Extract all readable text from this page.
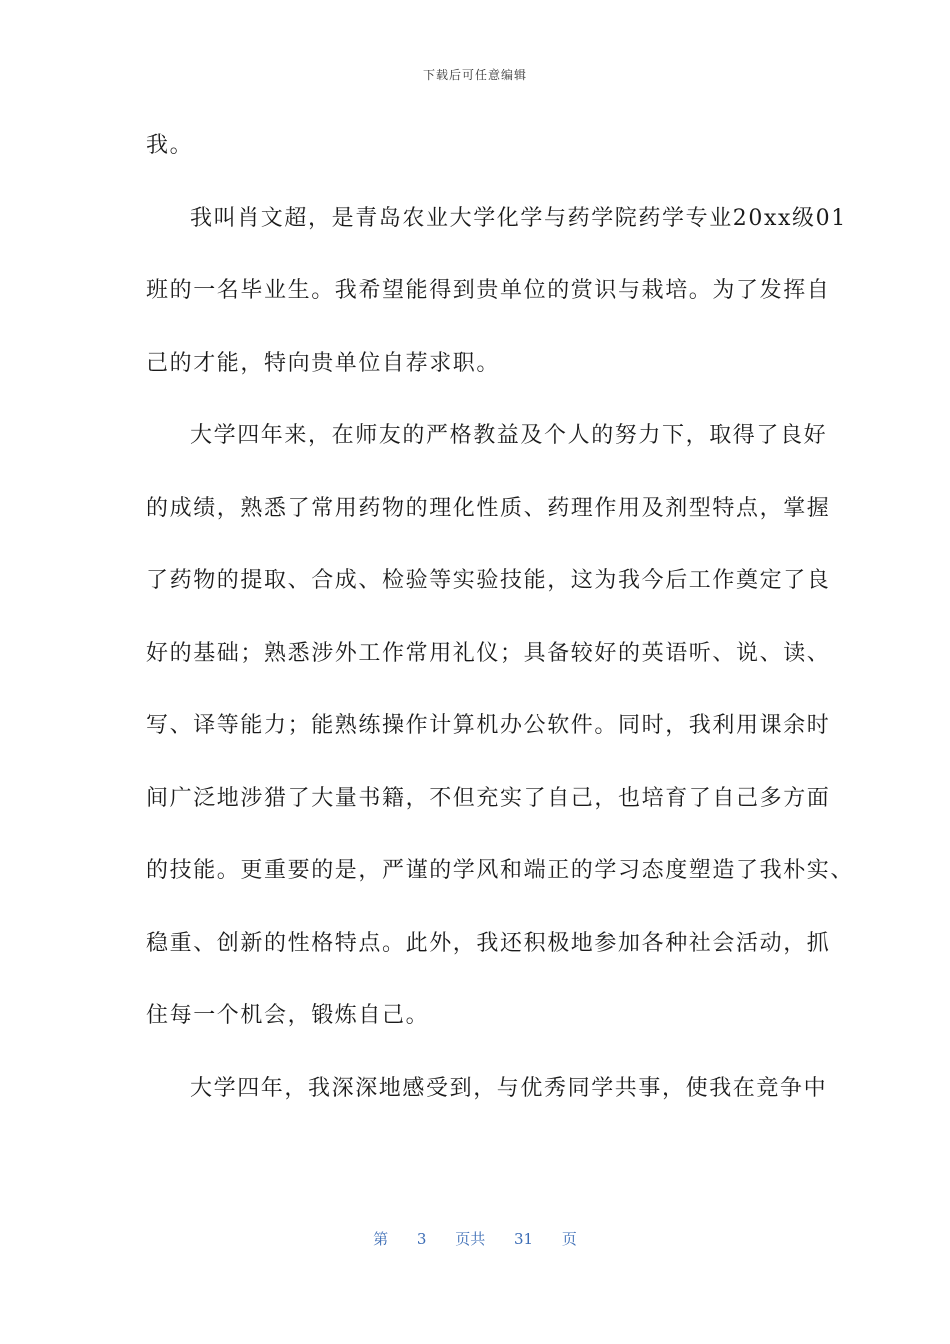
下载后可任意编辑
我。
我叫肖文超，是青岛农业大学化学与药学院药学专业20xx级01
班的一名毕业生。我希望能得到贵单位的赏识与栽培。为了发挥自
己的才能，特向贵单位自荐求职。
大学四年来，在师友的严格教益及个人的努力下，取得了良好
的成绩，熟悉了常用药物的理化性质、药理作用及剂型特点，掌握
了药物的提取、合成、检验等实验技能，这为我今后工作奠定了良
好的基础；熟悉涉外工作常用礼仪；具备较好的英语听、说、读、
写、译等能力；能熟练操作计算机办公软件。同时，我利用课余时
间广泛地涉猎了大量书籍，不但充实了自己，也培育了自己多方面
的技能。更重要的是，严谨的学风和端正的学习态度塑造了我朴实、
稳重、创新的性格特点。此外，我还积极地参加各种社会活动，抓
住每一个机会，锻炼自己。
大学四年，我深深地感受到，与优秀同学共事，使我在竞争中
第 3 页共 31 页
